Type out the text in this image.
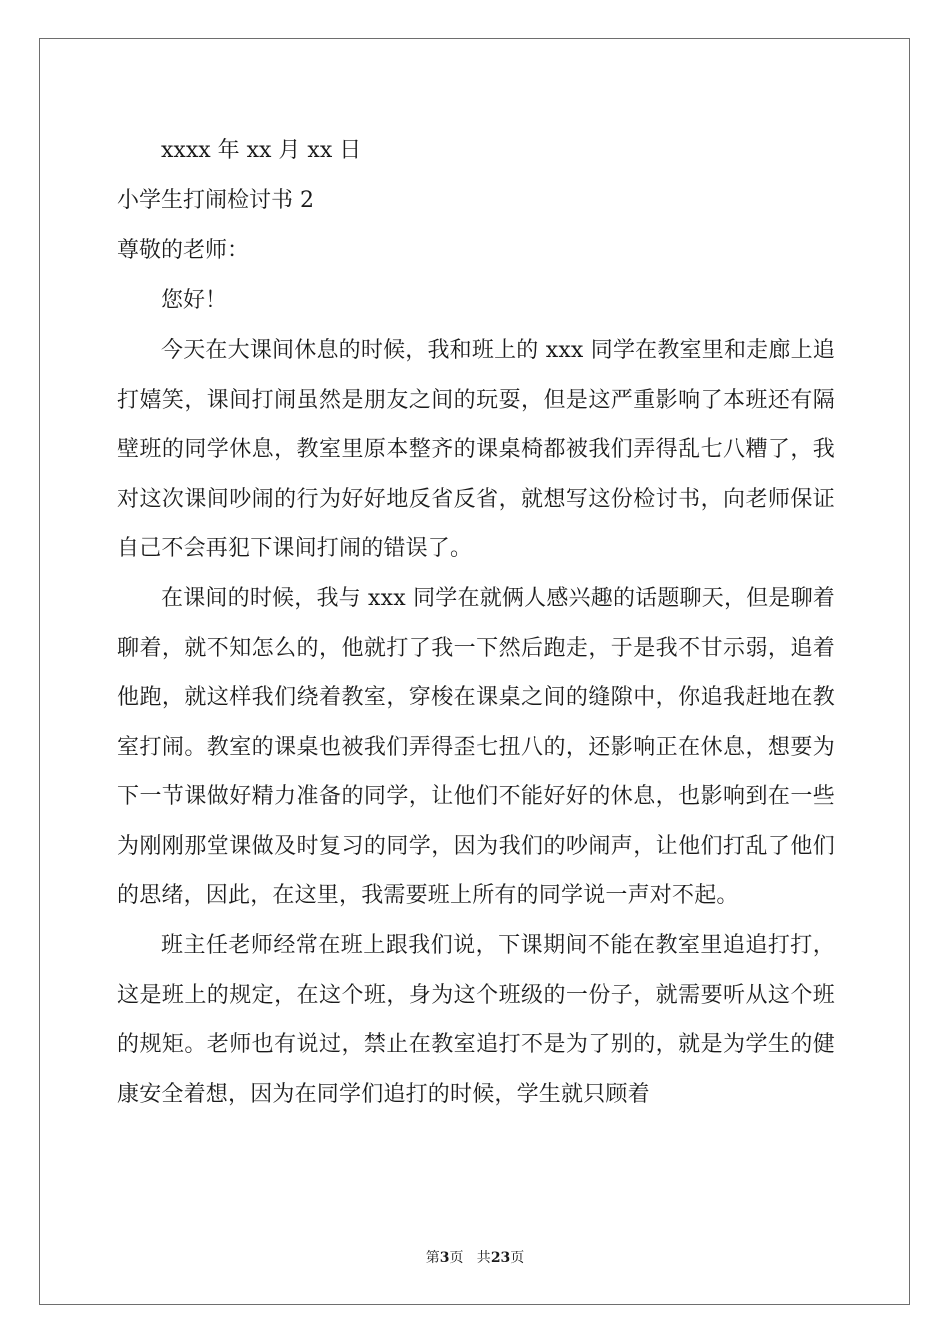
xxxx 年 xx 月 xx 日
小学生打闹检讨书 2
尊敬的老师：
您好！

今天在大课间休息的时候，我和班上的 xxx 同学在教室里和走廊上追打嬉笑，课间打闹虽然是朋友之间的玩耍，但是这严重影响了本班还有隔壁班的同学休息，教室里原本整齐的课桌椅都被我们弄得乱七八糟了，我对这次课间吵闹的行为好好地反省反省，就想写这份检讨书，向老师保证自己不会再犯下课间打闹的错误了。

在课间的时候，我与 xxx 同学在就俩人感兴趣的话题聊天，但是聊着聊着，就不知怎么的，他就打了我一下然后跑走，于是我不甘示弱，追着他跑，就这样我们绕着教室，穿梭在课桌之间的缝隙中，你追我赶地在教室打闹。教室的课桌也被我们弄得歪七扭八的，还影响正在休息，想要为下一节课做好精力准备的同学，让他们不能好好的休息，也影响到在一些为刚刚那堂课做及时复习的同学，因为我们的吵闹声，让他们打乱了他们的思绪，因此，在这里，我需要班上所有的同学说一声对不起。

班主任老师经常在班上跟我们说，下课期间不能在教室里追追打打，这是班上的规定，在这个班，身为这个班级的一份子，就需要听从这个班的规矩。老师也有说过，禁止在教室追打不是为了别的，就是为学生的健康安全着想，因为在同学们追打的时候，学生就只顾着

第3页   共23页
